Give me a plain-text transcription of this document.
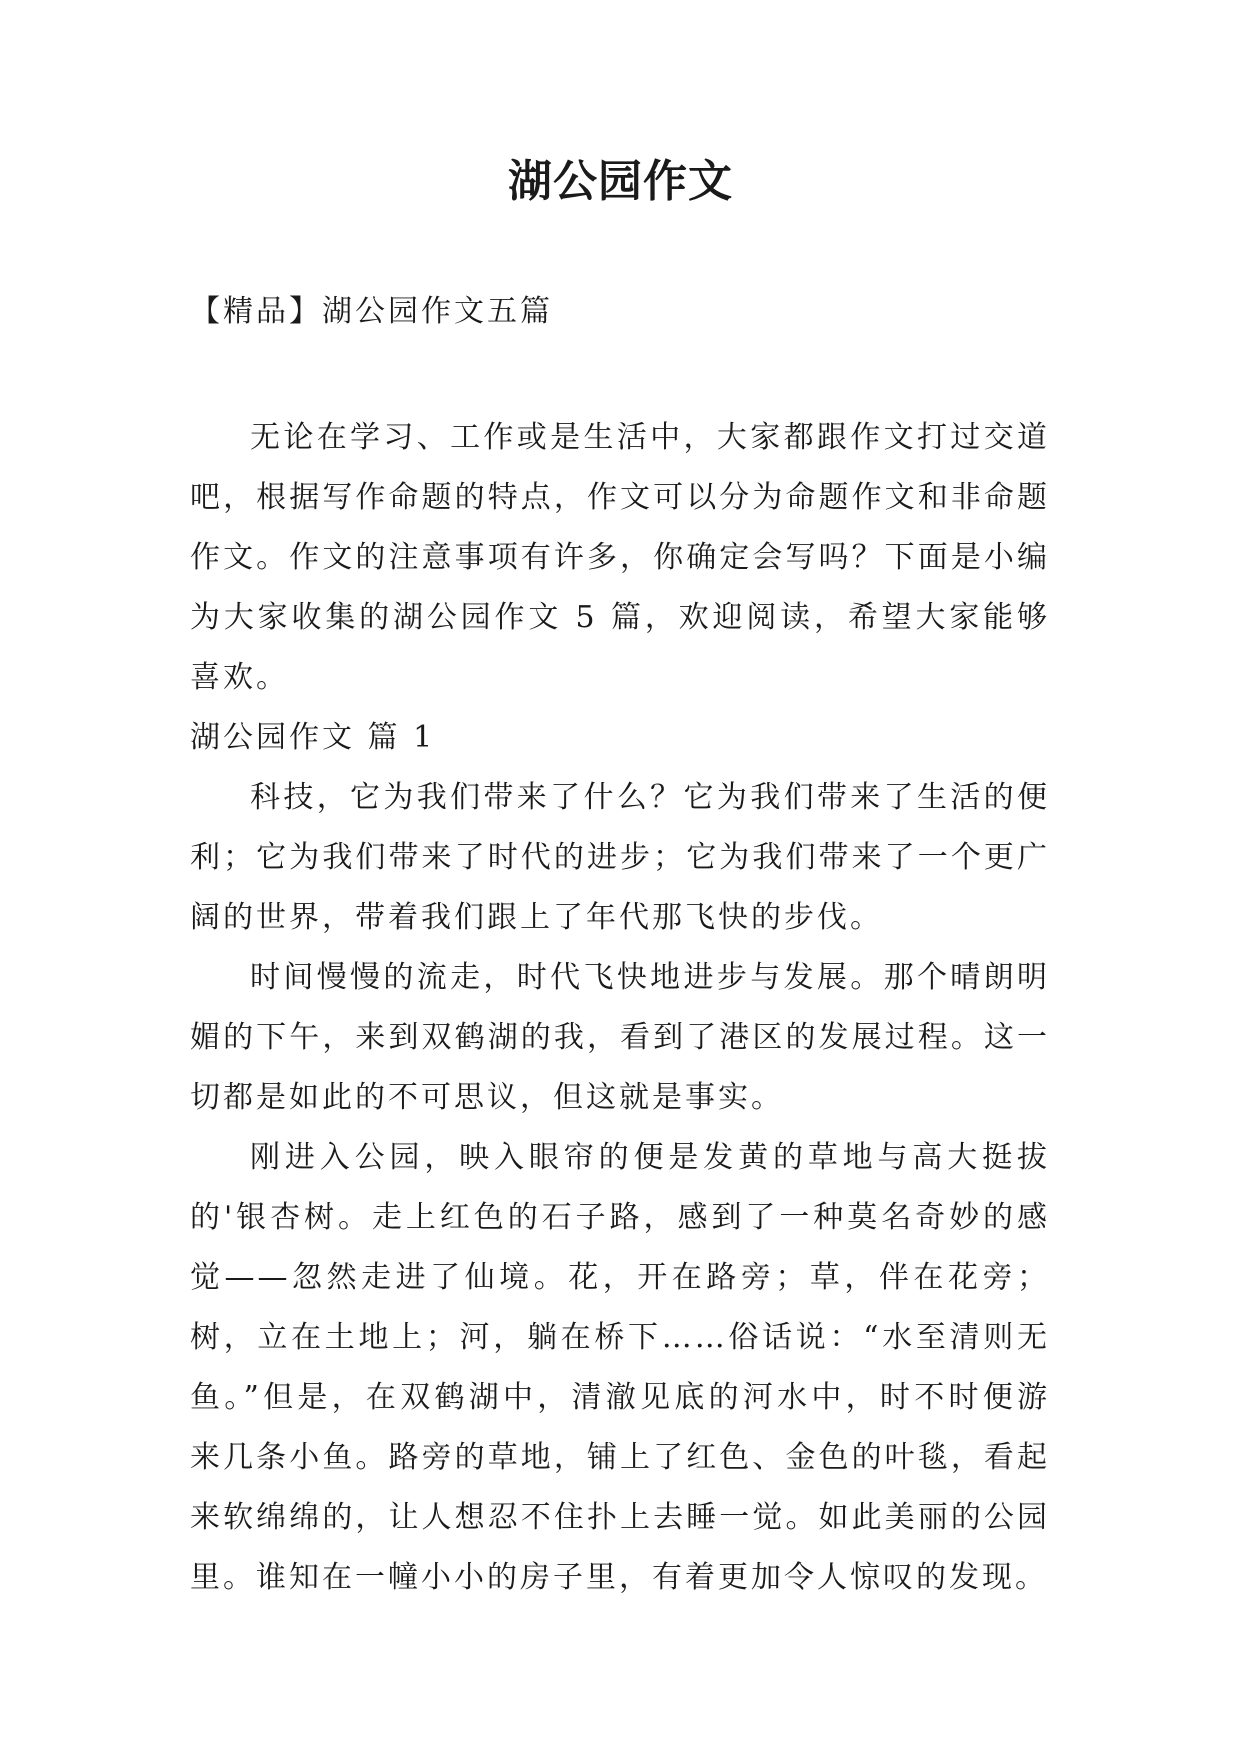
湖公园作文

【精品】湖公园作文五篇

无论在学习、工作或是生活中，大家都跟作文打过交道吧，根据写作命题的特点，作文可以分为命题作文和非命题作文。作文的注意事项有许多，你确定会写吗？下面是小编为大家收集的湖公园作文 5 篇，欢迎阅读，希望大家能够喜欢。

湖公园作文 篇 1

科技，它为我们带来了什么？它为我们带来了生活的便利；它为我们带来了时代的进步；它为我们带来了一个更广阔的世界，带着我们跟上了年代那飞快的步伐。

时间慢慢的流走，时代飞快地进步与发展。那个晴朗明媚的下午，来到双鹤湖的我，看到了港区的发展过程。这一切都是如此的不可思议，但这就是事实。

刚进入公园，映入眼帘的便是发黄的草地与高大挺拔的'银杏树。走上红色的石子路，感到了一种莫名奇妙的感觉——忽然走进了仙境。花，开在路旁；草，伴在花旁；树，立在土地上；河，躺在桥下……俗话说：“水至清则无鱼。”但是，在双鹤湖中，清澈见底的河水中，时不时便游来几条小鱼。路旁的草地，铺上了红色、金色的叶毯，看起来软绵绵的，让人想忍不住扑上去睡一觉。如此美丽的公园里。谁知在一幢小小的房子里，有着更加令人惊叹的发现。
